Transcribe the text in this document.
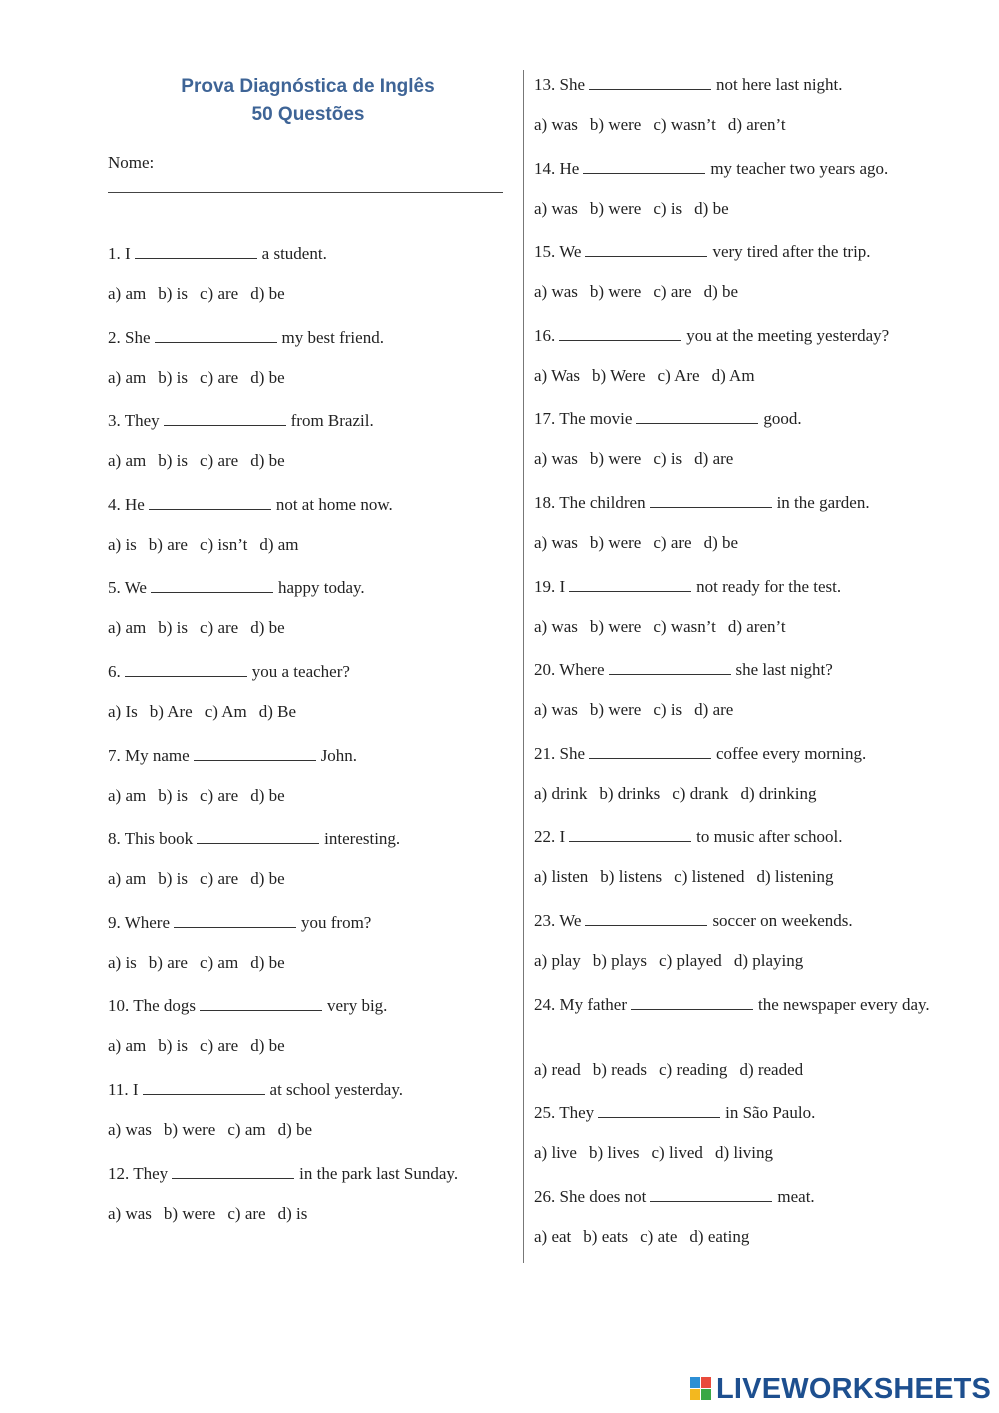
Prova Diagnóstica de Inglês
50 Questões
Nome:
1. I	a student.
a) am b) is c) are d) be
2. She	my best friend.
a) am b) is c) are d) be
3. They	from Brazil.
a) am b) is c) are d) be
4. He	not at home now.
a) is b) are c) isn’t d) am
5. We	happy today.
a) am b) is c) are d) be
6.	you a teacher?
a) Is b) Are c) Am d) Be
7. My name	John.
a) am b) is c) are d) be
8. This book	interesting.
a) am b) is c) are d) be
9. Where	you from?
a) is b) are c) am d) be
10. The dogs	very big.
a) am b) is c) are d) be
11. I	at school yesterday.
a) was b) were c) am d) be
12. They	in the park last Sunday.
a) was b) were c) are d) is
13. She	not here last night.
a) was b) were c) wasn’t d) aren’t
14. He	my teacher two years ago.
a) was b) were c) is d) be
15. We	very tired after the trip.
a) was b) were c) are d) be
16.	you at the meeting yesterday?
a) Was b) Were c) Are d) Am
17. The movie	good.
a) was b) were c) is d) are
18. The children	in the garden.
a) was b) were c) are d) be
19. I	not ready for the test.
a) was b) were c) wasn’t d) aren’t
20. Where	she last night?
a) was b) were c) is d) are
21. She	coffee every morning.
a) drink b) drinks c) drank d) drinking
22. I	to music after school.
a) listen b) listens c) listened d) listening
23. We	soccer on weekends.
a) play b) plays c) played d) playing
24. My father	the newspaper every day.
a) read b) reads c) reading d) readed
25. They	in São Paulo.
a) live b) lives c) lived d) living
26. She does not	meat.
a) eat b) eats c) ate d) eating
LIVEWORKSHEETS
